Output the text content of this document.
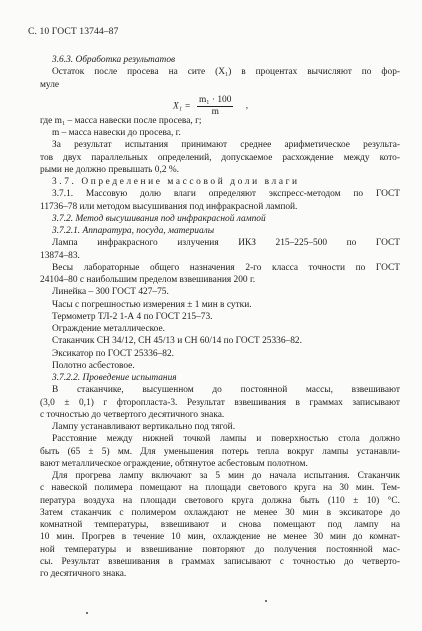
С. 10 ГОСТ 13744–87
3.6.3. Обработка результатов
Остаток после просева на сите (X₁) в процентах вычисляют по фор-
муле
$X_1 = \frac{\text{m₁ · 100}}{m}$ ,
где m₁ – масса навески после просева, г;
m – масса навески до просева, г.
За результат испытания принимают среднее арифметическое результа-
тов двух параллельных определений, допускаемое расхождение между кото-
рыми не должно превышать 0,2 %.
3.7. Определение массовой доли влаги
3.7.1. Массовую долю влаги определяют экспресс-методом по ГОСТ
11736–78 или методом высушивания под инфракрасной лампой.
3.7.2. Метод высушивания под инфракрасной лампой
3.7.2.1. Аппаратура, посуда, материалы
Лампа инфракрасного излучения ИКЗ 215–225–500 по ГОСТ
13874–83.
Весы лабораторные общего назначения 2-го класса точности по ГОСТ
24104–80 с наибольшим пределом взвешивания 200 г.
Линейка – 300 ГОСТ 427–75.
Часы с погрешностью измерения ± 1 мин в сутки.
Термометр ТЛ-2 1-А 4 по ГОСТ 215–73.
Ограждение металлическое.
Стаканчик СН 34/12, СН 45/13 и СН 60/14 по ГОСТ 25336–82.
Эксикатор по ГОСТ 25336–82.
Полотно асбестовое.
3.7.2.2. Проведение испытания
В стаканчике, высушенном до постоянной массы, взвешивают
(3,0 ± 0,1) г фторопласта-3. Результат взвешивания в граммах записывают
с точностью до четвертого десятичного знака.
Лампу устанавливают вертикально под тягой.
Расстояние между нижней точкой лампы и поверхностью стола должно
быть (65 ± 5) мм. Для уменьшения потерь тепла вокруг лампы устанавли-
вают металлическое ограждение, обтянутое асбестовым полотном.
Для прогрева лампу включают за 5 мин до начала испытания. Стаканчик
с навеской полимера помещают на площади светового круга на 30 мин. Тем-
пература воздуха на площади светового круга должна быть (110 ± 10) °С.
Затем стаканчик с полимером охлаждают не менее 30 мин в эксикаторе до
комнатной температуры, взвешивают и снова помещают под лампу на
10 мин. Прогрев в течение 10 мин, охлаждение не менее 30 мин до комнат-
ной температуры и взвешивание повторяют до получения постоянной мас-
сы. Результат взвешивания в граммах записывают с точностью до четверто-
го десятичного знака.
